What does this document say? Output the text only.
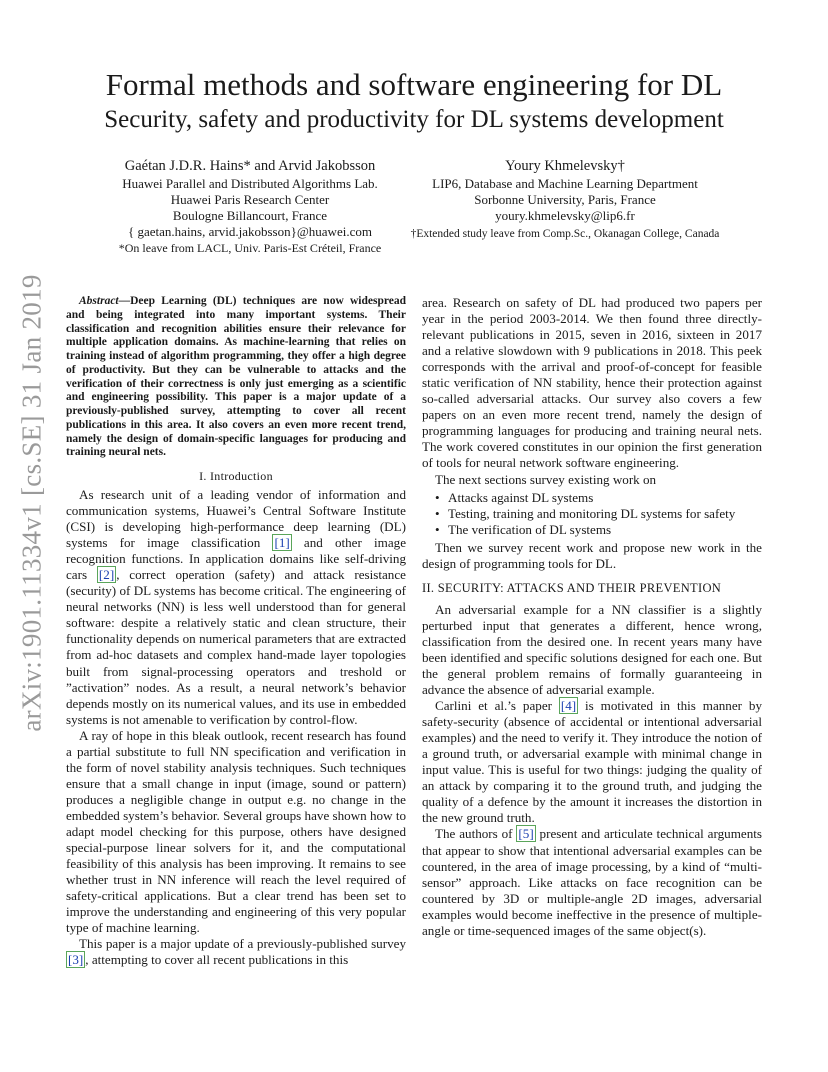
arXiv:1901.11334v1 [cs.SE] 31 Jan 2019
Formal methods and software engineering for DL
Security, safety and productivity for DL systems development
Gaétan J.D.R. Hains* and Arvid Jakobsson
Huawei Parallel and Distributed Algorithms Lab.
Huawei Paris Research Center
Boulogne Billancourt, France
{ gaetan.hains, arvid.jakobsson}@huawei.com
*On leave from LACL, Univ. Paris-Est Créteil, France
Youry Khmelevsky†
LIP6, Database and Machine Learning Department
Sorbonne University, Paris, France
youry.khmelevsky@lip6.fr
†Extended study leave from Comp.Sc., Okanagan College, Canada
Abstract—Deep Learning (DL) techniques are now widespread and being integrated into many important systems. Their classification and recognition abilities ensure their relevance for multiple application domains. As machine-learning that relies on training instead of algorithm programming, they offer a high degree of productivity. But they can be vulnerable to attacks and the verification of their correctness is only just emerging as a scientific and engineering possibility. This paper is a major update of a previously-published survey, attempting to cover all recent publications in this area. It also covers an even more recent trend, namely the design of domain-specific languages for producing and training neural nets.
I. Introduction

As research unit of a leading vendor of information and communication systems, Huawei’s Central Software Institute (CSI) is developing high-performance deep learning (DL) systems for image classification [1] and other image recognition functions. In application domains like self-driving cars [2] , correct operation (safety) and attack resistance (security) of DL systems has become critical. The engineering of neural networks (NN) is less well understood than for general software: despite a relatively static and clean structure, their functionality depends on numerical parameters that are extracted from ad-hoc datasets and complex hand-made layer topologies built from signal-processing operators and treshold or ”activation” nodes. As a result, a neural network’s behavior depends mostly on its numerical values, and its use in embedded systems is not amenable to verification by control-flow.

A ray of hope in this bleak outlook, recent research has found a partial substitute to full NN specification and verification in the form of novel stability analysis techniques. Such techniques ensure that a small change in input (image, sound or pattern) produces a negligible change in output e.g. no change in the embedded system’s behavior. Several groups have shown how to adapt model checking for this purpose, others have designed special-purpose linear solvers for it, and the computational feasibility of this analysis has been improving. It remains to see whether trust in NN inference will reach the level required of safety-critical applications. But a clear trend has been set to improve the understanding and engineering of this very popular type of machine learning.

This paper is a major update of a previously-published survey [3] , attempting to cover all recent publications in this

area. Research on safety of DL had produced two papers per year in the period 2003-2014. We then found three directly-relevant publications in 2015, seven in 2016, sixteen in 2017 and a relative slowdown with 9 publications in 2018. This peek corresponds with the arrival and proof-of-concept for feasible static verification of NN stability, hence their protection against so-called adversarial attacks. Our survey also covers a few papers on an even more recent trend, namely the design of programming languages for producing and training neural nets. The work covered constitutes in our opinion the first generation of tools for neural network software engineering.

The next sections survey existing work on

• Attacks against DL systems
• Testing, training and monitoring DL systems for safety
• The verification of DL systems

Then we survey recent work and propose new work in the design of programming tools for DL.

II. SECURITY: ATTACKS AND THEIR PREVENTION

An adversarial example for a NN classifier is a slightly perturbed input that generates a different, hence wrong, classification from the desired one. In recent years many have been identified and specific solutions designed for each one. But the general problem remains of formally guaranteeing in advance the absence of adversarial example.

Carlini et al.’s paper [4] is motivated in this manner by safety-security (absence of accidental or intentional adversarial examples) and the need to verify it. They introduce the notion of a ground truth, or adversarial example with minimal change in input value. This is useful for two things: judging the quality of an attack by comparing it to the ground truth, and judging the quality of a defence by the amount it increases the distortion in the new ground truth.

The authors of [5] present and articulate technical arguments that appear to show that intentional adversarial examples can be countered, in the area of image processing, by a kind of “multi-sensor” approach. Like attacks on face recognition can be countered by 3D or multiple-angle 2D images, adversarial examples would become ineffective in the presence of multiple-angle or time-sequenced images of the same object(s).
